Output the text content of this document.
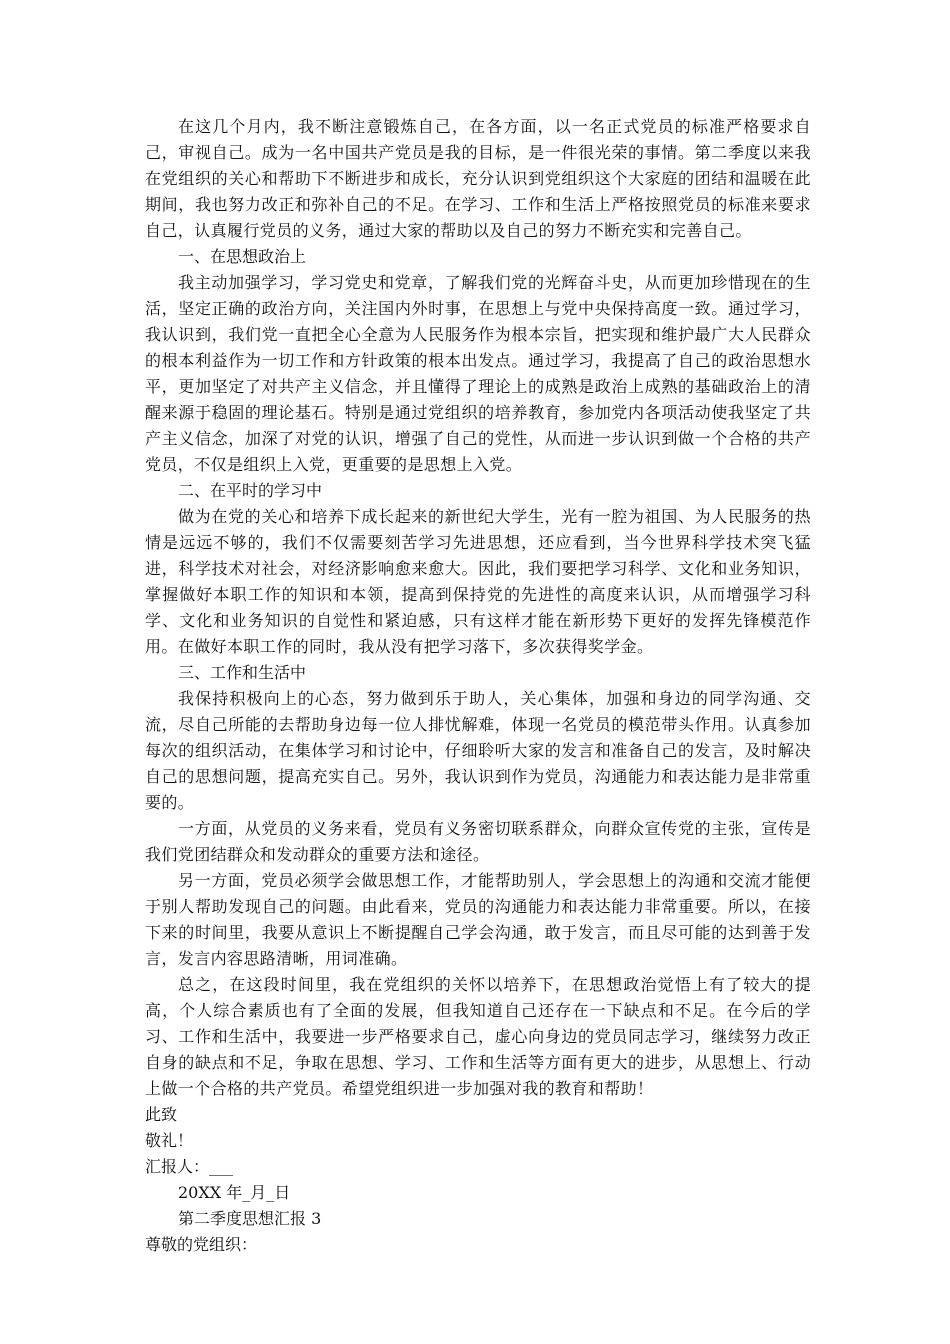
在这几个月内，我不断注意锻炼自己，在各方面，以一名正式党员的标准严格要求自己，审视自己。成为一名中国共产党员是我的目标，是一件很光荣的事情。第二季度以来我在党组织的关心和帮助下不断进步和成长，充分认识到党组织这个大家庭的团结和温暖在此期间，我也努力改正和弥补自己的不足。在学习、工作和生活上严格按照党员的标准来要求自己，认真履行党员的义务，通过大家的帮助以及自己的努力不断充实和完善自己。

一、在思想政治上

我主动加强学习，学习党史和党章，了解我们党的光辉奋斗史，从而更加珍惜现在的生活，坚定正确的政治方向，关注国内外时事，在思想上与党中央保持高度一致。通过学习，我认识到，我们党一直把全心全意为人民服务作为根本宗旨，把实现和维护最广大人民群众的根本利益作为一切工作和方针政策的根本出发点。通过学习，我提高了自己的政治思想水平，更加坚定了对共产主义信念，并且懂得了理论上的成熟是政治上成熟的基础政治上的清醒来源于稳固的理论基石。特别是通过党组织的培养教育，参加党内各项活动使我坚定了共产主义信念，加深了对党的认识，增强了自己的党性，从而进一步认识到做一个合格的共产党员，不仅是组织上入党，更重要的是思想上入党。

二、在平时的学习中

做为在党的关心和培养下成长起来的新世纪大学生，光有一腔为祖国、为人民服务的热情是远远不够的，我们不仅需要刻苦学习先进思想，还应看到，当今世界科学技术突飞猛进，科学技术对社会，对经济影响愈来愈大。因此，我们要把学习科学、文化和业务知识，掌握做好本职工作的知识和本领，提高到保持党的先进性的高度来认识，从而增强学习科学、文化和业务知识的自觉性和紧迫感，只有这样才能在新形势下更好的发挥先锋模范作用。在做好本职工作的同时，我从没有把学习落下，多次获得奖学金。

三、工作和生活中

我保持积极向上的心态，努力做到乐于助人，关心集体，加强和身边的同学沟通、交流，尽自己所能的去帮助身边每一位人排忧解难，体现一名党员的模范带头作用。认真参加每次的组织活动，在集体学习和讨论中，仔细聆听大家的发言和准备自己的发言，及时解决自己的思想问题，提高充实自己。另外，我认识到作为党员，沟通能力和表达能力是非常重要的。

一方面，从党员的义务来看，党员有义务密切联系群众，向群众宣传党的主张，宣传是我们党团结群众和发动群众的重要方法和途径。

另一方面，党员必须学会做思想工作，才能帮助别人，学会思想上的沟通和交流才能便于别人帮助发现自己的问题。由此看来，党员的沟通能力和表达能力非常重要。所以，在接下来的时间里，我要从意识上不断提醒自己学会沟通，敢于发言，而且尽可能的达到善于发言，发言内容思路清晰，用词准确。

总之，在这段时间里，我在党组织的关怀以培养下，在思想政治觉悟上有了较大的提高，个人综合素质也有了全面的发展，但我知道自己还存在一下缺点和不足。在今后的学习、工作和生活中，我要进一步严格要求自己，虚心向身边的党员同志学习，继续努力改正自身的缺点和不足，争取在思想、学习、工作和生活等方面有更大的进步，从思想上、行动上做一个合格的共产党员。希望党组织进一步加强对我的教育和帮助！

此致

敬礼！

汇报人：___

20XX 年_月_日

第二季度思想汇报 3

尊敬的党组织：
